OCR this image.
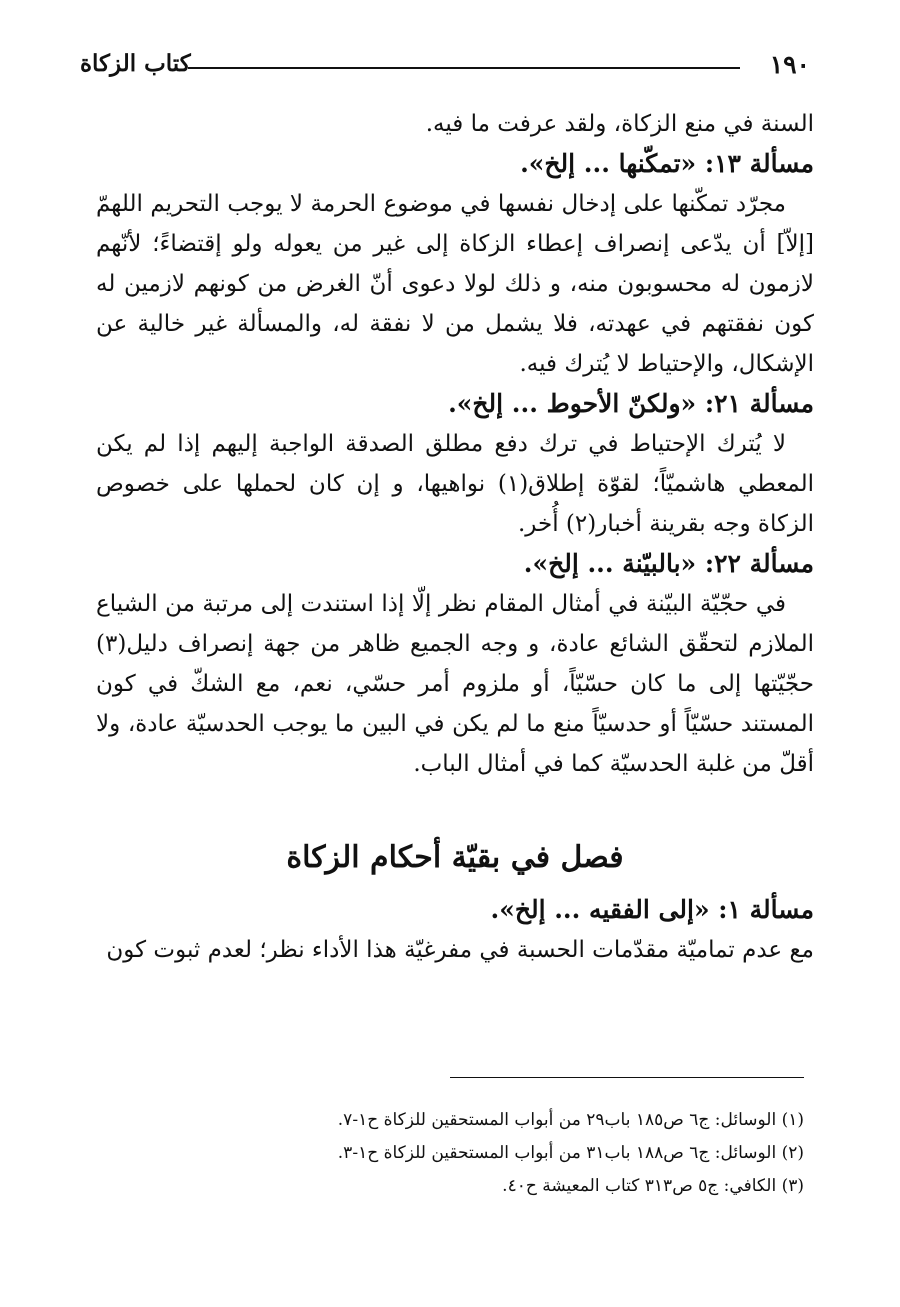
١٩٠
كتاب الزكاة

السنة في منع الزكاة، ولقد عرفت ما فيه.

مسألة ١٣: «تمكّنها ... إلخ».

مجرّد تمكّنها على إدخال نفسها في موضوع الحرمة لا يوجب التحريم اللهمّ [إلاّ] أن يدّعى إنصراف إعطاء الزكاة إلى غير من يعوله ولو إقتضاءً؛ لأنّهم لازمون له محسوبون منه، و ذلك لولا دعوى أنّ الغرض من كونهم لازمين له كون نفقتهم في عهدته، فلا يشمل من لا نفقة له، والمسألة غير خالية عن الإشكال، والإحتياط لا يُترك فيه.

مسألة ٢١: «ولكنّ الأحوط ... إلخ».

لا يُترك الإحتياط في ترك دفع مطلق الصدقة الواجبة إليهم إذا لم يكن المعطي هاشميّاً؛ لقوّة إطلاق(١) نواهيها، و إن كان لحملها على خصوص الزكاة وجه بقرينة أخبار(٢) أُخر.

مسألة ٢٢: «بالبيّنة ... إلخ».

في حجّيّة البيّنة في أمثال المقام نظر إلّا إذا استندت إلى مرتبة من الشياع الملازم لتحقّق الشائع عادة، و وجه الجميع ظاهر من جهة إنصراف دليل(٣) حجّيّتها إلى ما كان حسّيّاً، أو ملزوم أمر حسّي، نعم، مع الشكّ في كون المستند حسّيّاً أو حدسيّاً منع ما لم يكن في البين ما يوجب الحدسيّة عادة، ولا أقلّ من غلبة الحدسيّة كما في أمثال الباب.

فصل في بقيّة أحكام الزكاة

مسألة ١: «إلى الفقيه ... إلخ».

مع عدم تماميّة مقدّمات الحسبة في مفرغيّة هذا الأداء نظر؛ لعدم ثبوت كون

(١) الوسائل: ج٦ ص١٨٥ باب٢٩ من أبواب المستحقين للزكاة ح١-٧.

(٢) الوسائل: ج٦ ص١٨٨ باب٣١ من أبواب المستحقين للزكاة ح١-٣.

(٣) الكافي: ج٥ ص٣١٣ كتاب المعيشة ح٤٠.
